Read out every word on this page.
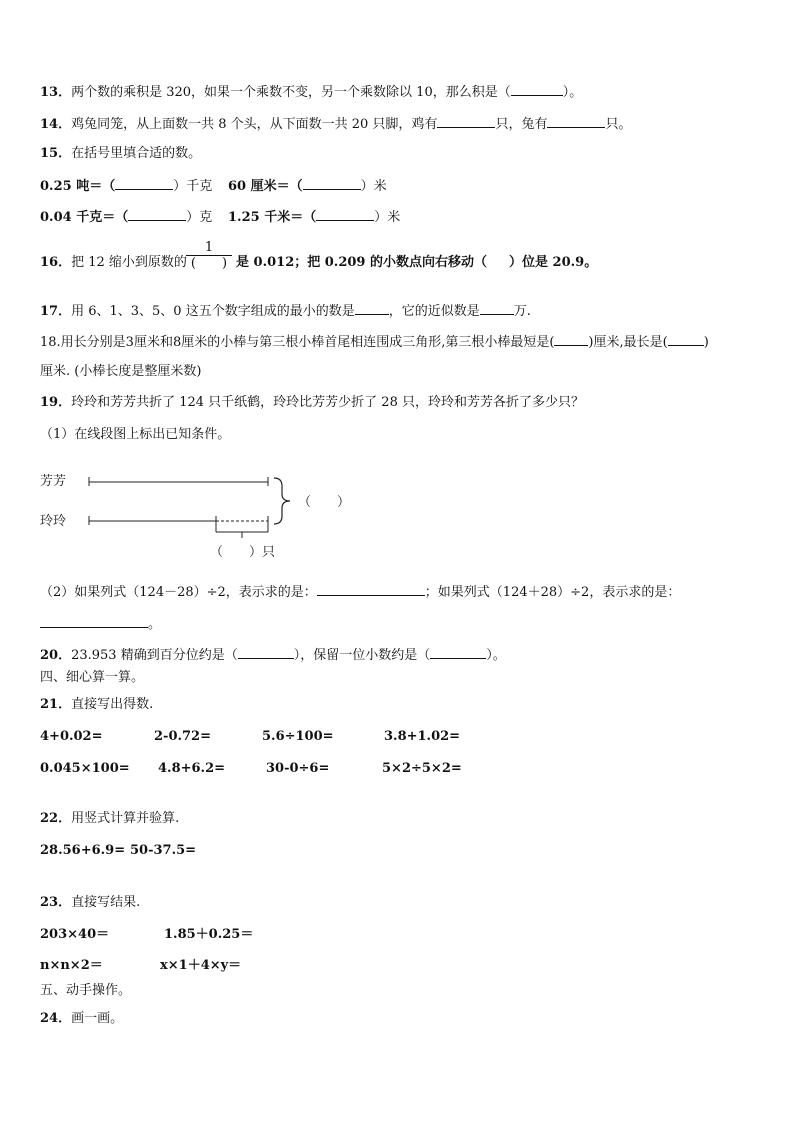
13．两个数的乘积是 320，如果一个乘数不变，另一个乘数除以 10，那么积是（	）。
14．鸡兔同笼，从上面数一共 8 个头，从下面数一共 20 只脚，鸡有	只，兔有	只。
15．在括号里填合适的数。
0.25 吨＝（	）千克 60 厘米＝（	）米
0.04 千克＝（	）克 1.25 千米＝（	）米
16．把 12 缩小到原数的
1
(　　) 是 0.012；把 0.209 的小数点向右移动（ ）位是 20.9。
17．用 6、1、3、5、0 这五个数字组成的最小的数是	，它的近似数是	万.
18.用长分别是3厘米和8厘米的小棒与第三根小棒首尾相连围成三角形,第三根小棒最短是(	)厘米,最长是(	)
厘米. (小棒长度是整厘米数)
19．玲玲和芳芳共折了 124 只千纸鹤，玲玲比芳芳少折了 28 只，玲玲和芳芳各折了多少只？
（1）在线段图上标出已知条件。
芳芳
玲玲
（　　）
（　　）只
（2）如果列式（124－28）÷2，表示求的是：	；如果列式（124＋28）÷2，表示求的是：
。
20．23.953 精确到百分位约是（	），保留一位小数约是（	）。
四、细心算一算。
21．直接写出得数.
4+0.02=	2-0.72=	5.6÷100=	3.8+1.02=
0.045×100= 4.8+6.2=	30-0÷6=	5×2÷5×2=
22．用竖式计算并验算.
28.56+6.9= 50-37.5=
23．直接写结果.
203×40＝	1.85＋0.25＝
n×n×2＝	x×1＋4×y＝
五、动手操作。
24．画一画。
